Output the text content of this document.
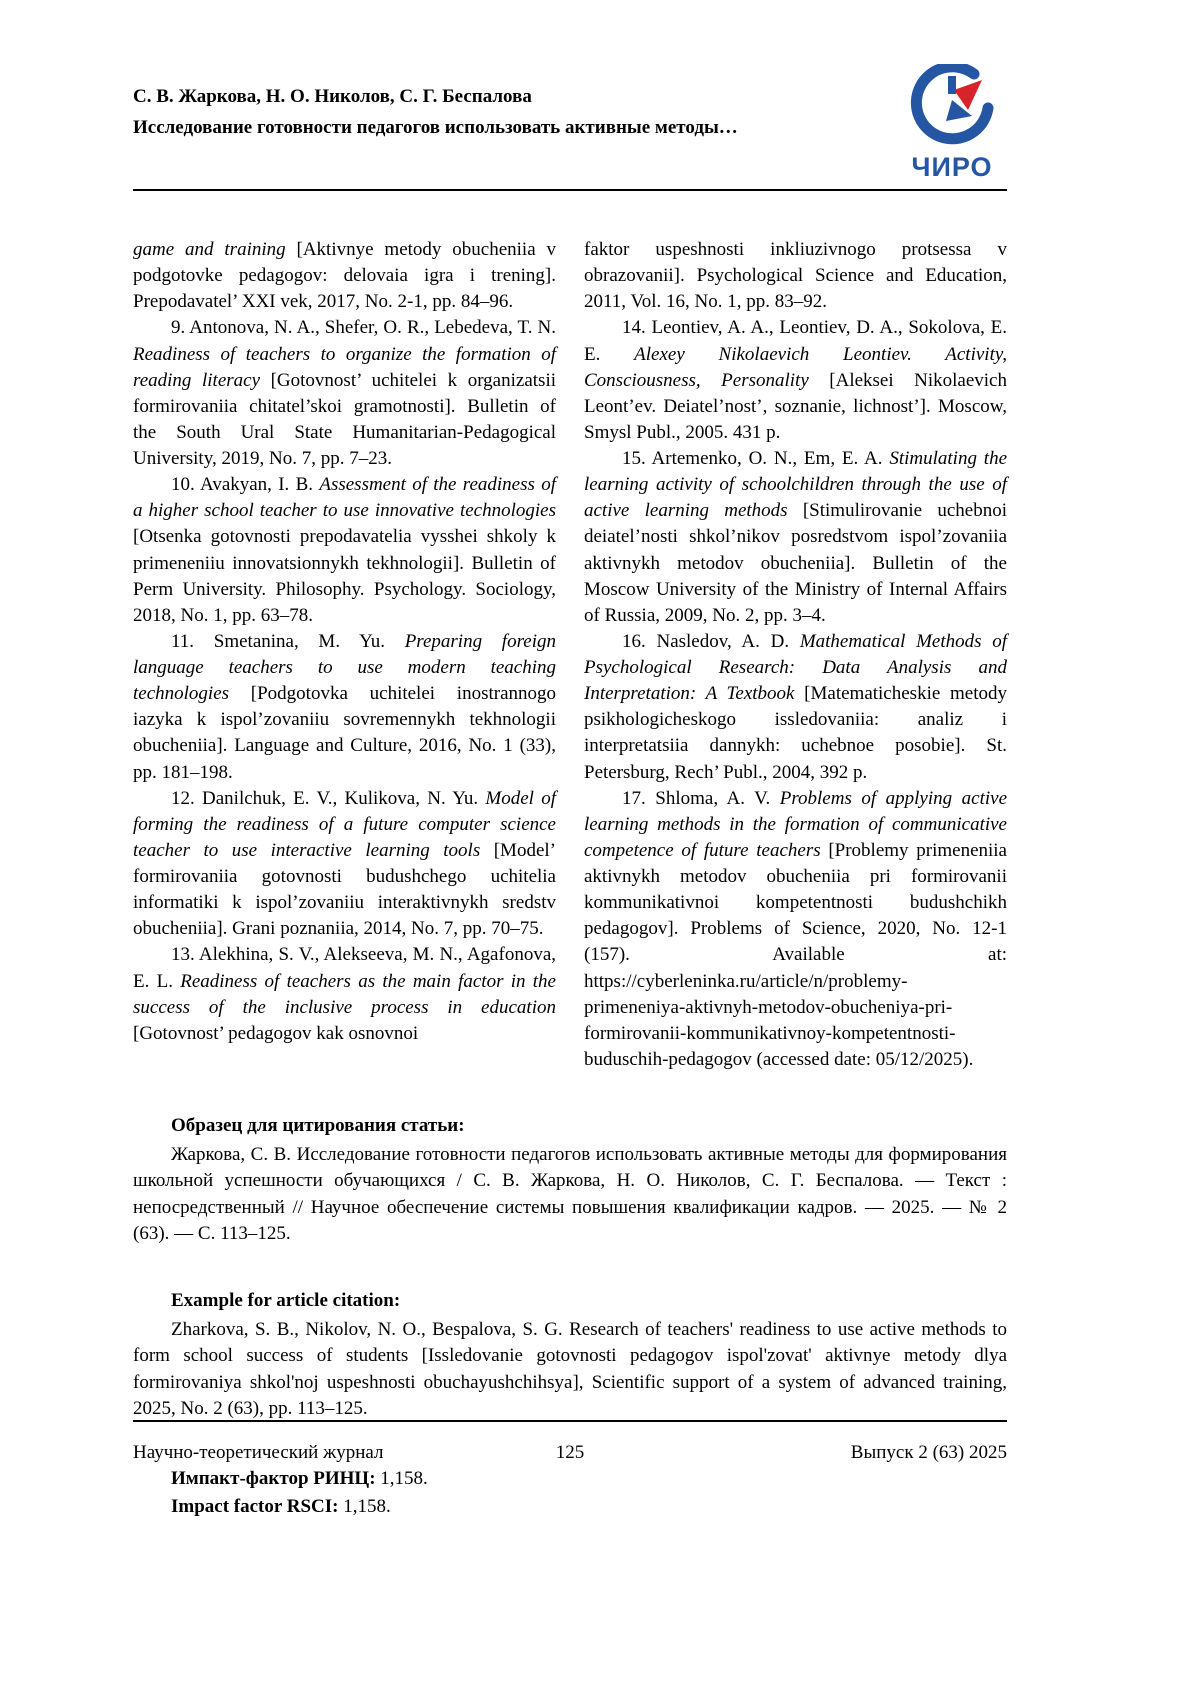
С. В. Жаркова, Н. О. Николов, С. Г. Беспалова

Исследование готовности педагогов использовать активные методы…

ЧИРО

game and training [Aktivnye metody obucheniia v podgotovke pedagogov: delovaia igra i trening]. Prepodavatel’ XXI vek, 2017, No. 2-1, pp. 84–96.

9. Antonova, N. A., Shefer, O. R., Lebedeva, T. N. Readiness of teachers to organize the formation of reading literacy [Gotovnost’ uchitelei k organizatsii formirovaniia chitatel’skoi gramotnosti]. Bulletin of the South Ural State Humanitarian-Pedagogical University, 2019, No. 7, pp. 7–23.

10. Avakyan, I. B. Assessment of the readiness of a higher school teacher to use innovative technologies [Otsenka gotovnosti prepodavatelia vysshei shkoly k primeneniiu innovatsionnykh tekhnologii]. Bulletin of Perm University. Philosophy. Psychology. Sociology, 2018, No. 1, pp. 63–78.

11. Smetanina, M. Yu. Preparing foreign language teachers to use modern teaching technologies [Podgotovka uchitelei inostrannogo iazyka k ispol’zovaniiu sovremennykh tekhnologii obucheniia]. Language and Culture, 2016, No. 1 (33), pp. 181–198.

12. Danilchuk, E. V., Kulikova, N. Yu. Model of forming the readiness of a future computer science teacher to use interactive learning tools [Model’ formirovaniia gotovnosti budushchego uchitelia informatiki k ispol’zovaniiu interaktivnykh sredstv obucheniia]. Grani poznaniia, 2014, No. 7, pp. 70–75.

13. Alekhina, S. V., Alekseeva, M. N., Agafonova, E. L. Readiness of teachers as the main factor in the success of the inclusive process in education [Gotovnost’ pedagogov kak osnovnoi

faktor uspeshnosti inkliuzivnogo protsessa v obrazovanii]. Psychological Science and Education, 2011, Vol. 16, No. 1, pp. 83–92.

14. Leontiev, A. A., Leontiev, D. A., Sokolova, E. E. Alexey Nikolaevich Leontiev. Activity, Consciousness, Personality [Aleksei Nikolaevich Leont’ev. Deiatel’nost’, soznanie, lichnost’]. Moscow, Smysl Publ., 2005. 431 p.

15. Artemenko, O. N., Em, E. A. Stimulating the learning activity of schoolchildren through the use of active learning methods [Stimulirovanie uchebnoi deiatel’nosti shkol’nikov posredstvom ispol’zovaniia aktivnykh metodov obucheniia]. Bulletin of the Moscow University of the Ministry of Internal Affairs of Russia, 2009, No. 2, pp. 3–4.

16. Nasledov, A. D. Mathematical Methods of Psychological Research: Data Analysis and Interpretation: A Textbook [Matematicheskie metody psikhologicheskogo issledovaniia: analiz i interpretatsiia dannykh: uchebnoe posobie]. St. Petersburg, Rech’ Publ., 2004, 392 p.

17. Shloma, A. V. Problems of applying active learning methods in the formation of communicative competence of future teachers [Problemy primeneniia aktivnykh metodov obucheniia pri formirovanii kommunikativnoi kompetentnosti budushchikh pedagogov]. Problems of Science, 2020, No. 12-1 (157). Available at: https://cyberleninka.ru/article/n/problemy-primeneniya-aktivnyh-metodov-obucheniya-pri-formirovanii-kommunikativnoy-kompetentnosti-buduschih-pedagogov (accessed date: 05/12/2025).

Образец для цитирования статьи:

Жаркова, С. В. Исследование готовности педагогов использовать активные методы для формирования школьной успешности обучающихся / С. В. Жаркова, Н. О. Николов, С. Г. Беспалова. — Текст : непосредственный // Научное обеспечение системы повышения квалификации кадров. — 2025. — № 2 (63). — С. 113–125.

Example for article citation:

Zharkova, S. B., Nikolov, N. O., Bespalova, S. G. Research of teachers' readiness to use active methods to form school success of students [Issledovanie gotovnosti pedagogov ispol'zovat' aktivnye metody dlya formirovaniya shkol'noj uspeshnosti obuchayushchihsya], Scientific support of a system of advanced training, 2025, No. 2 (63), pp. 113–125.

Импакт-фактор РИНЦ: 1,158.

Impact factor RSCI: 1,158.

Научно-теоретический журнал	125	Выпуск 2 (63) 2025
